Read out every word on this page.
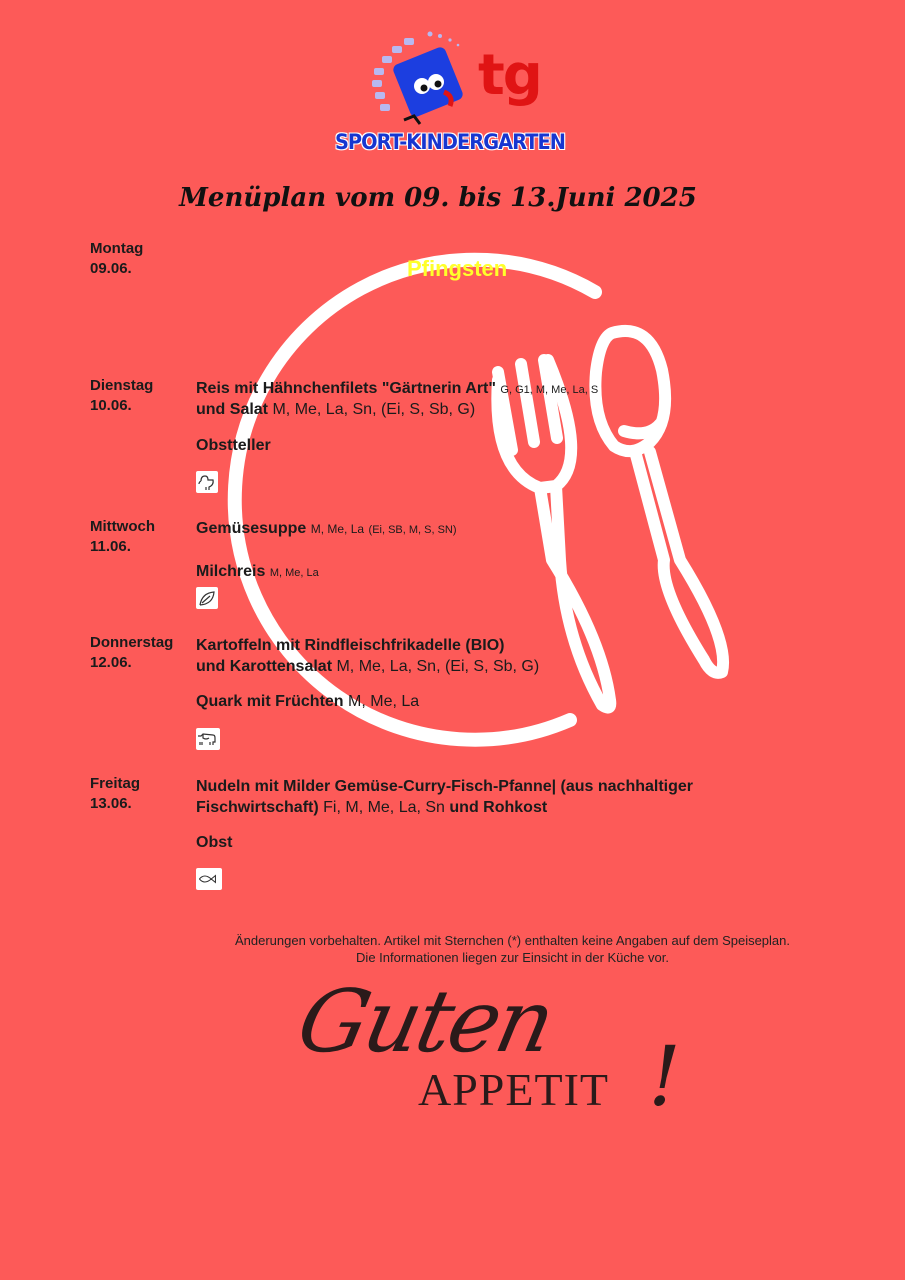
tg
SPORT-KINDERGARTEN
Menüplan vom 09. bis 13.Juni 2025
Montag
09.06.	Pfingsten
Dienstag
10.06.
Reis mit Hähnchenfilets "Gärtnerin Art" G, G1, M, Me, La, S
und Salat M, Me, La, Sn, (Ei, S, Sb, G)
Obstteller
Mittwoch
11.06.
Gemüsesuppe M, Me, La (Ei, SB, M, S, SN)
Milchreis M, Me, La
Donnerstag
12.06.
Kartoffeln mit Rindfleischfrikadelle (BIO)
und Karottensalat M, Me, La, Sn, (Ei, S, Sb, G)
Quark mit Früchten M, Me, La
Freitag
13.06.
Nudeln mit Milder Gemüse-Curry-Fisch-Pfanne| (aus nachhaltiger
Fischwirtschaft) Fi, M, Me, La, Sn und Rohkost
Obst
Änderungen vorbehalten. Artikel mit Sternchen (*) enthalten keine Angaben auf dem Speiseplan.
Die Informationen liegen zur Einsicht in der Küche vor.
Guten
APPETIT !
